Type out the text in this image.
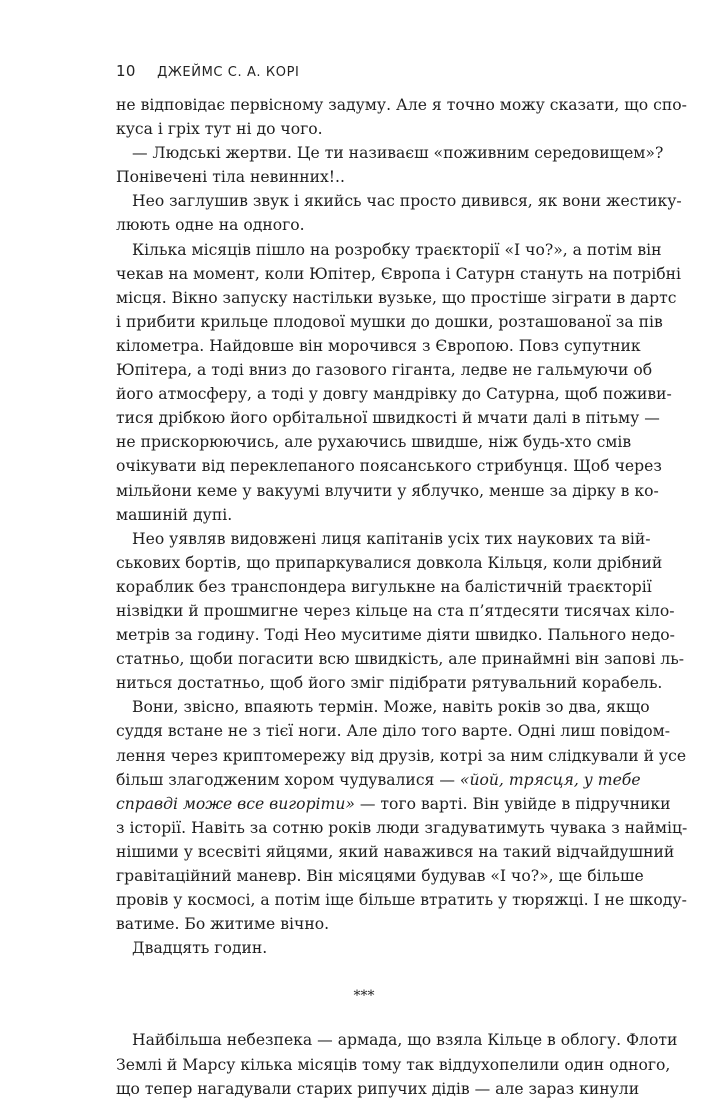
10 ДЖЕЙМС С. А. КОРІ
не відповідає первісному задуму. Але я точно можу сказати, що спо-
куса і гріх тут ні до чого.
— Людські жертви. Це ти називаєш «поживним середовищем»?
Понівечені тіла невинних!..
Нео заглушив звук і якийсь час просто дивився, як вони жестику-
люють одне на одного.
Кілька місяців пішло на розробку траєкторії «І чо?», а потім він
чекав на момент, коли Юпітер, Європа і Сатурн стануть на потрібні
місця. Вікно запуску настільки вузьке, що простіше зіграти в дартс
і прибити крильце плодової мушки до дошки, розташованої за пів
кілометра. Найдовше він морочився з Європою. Повз супутник
Юпітера, а тоді вниз до газового гіганта, ледве не гальмуючи об
його атмосферу, а тоді у довгу мандрівку до Сатурна, щоб поживи-
тися дрібкою його орбітальної швидкості й мчати далі в пітьму —
не прискорюючись, але рухаючись швидше, ніж будь-хто смів
очікувати від переклепаного поясанського стрибунця. Щоб через
мільйони кеме у вакуумі влучити у яблучко, менше за дірку в ко-
машиній дупі.
Нео уявляв видовжені лиця капітанів усіх тих наукових та вій-
ськових бортів, що припаркувалися довкола Кільця, коли дрібний
кораблик без транспондера вигулькне на балістичній траєкторії
нізвідки й прошмигне через кільце на ста п’ятдесяти тисячах кіло-
метрів за годину. Тоді Нео муситиме діяти швидко. Пального недо-
статньо, щоби погасити всю швидкість, але принаймні він запові ль-
ниться достатньо, щоб його зміг підібрати рятувальний корабель.
Вони, звісно, впаяють термін. Може, навіть років зо два, якщо
суддя встане не з тієї ноги. Але діло того варте. Одні лиш повідом-
лення через криптомережу від друзів, котрі за ним слідкували й усе
більш злагодженим хором чудувалися — «йой, трясця, у тебе
справді може все вигоріти» — того варті. Він увійде в підручники
з історії. Навіть за сотню років люди згадуватимуть чувака з найміц-
нішими у всесвіті яйцями, який наважився на такий відчайдушний
гравітаційний маневр. Він місяцями будував «І чо?», ще більше
провів у космосі, а потім іще більше втратить у тюряжці. І не шкоду-
ватиме. Бо житиме вічно.
Двадцять годин.
***
Найбільша небезпека — армада, що взяла Кільце в облогу. Флоти
Землі й Марсу кілька місяців тому так віддухопелили один одного,
що тепер нагадували старих рипучих дідів — але зараз кинули
